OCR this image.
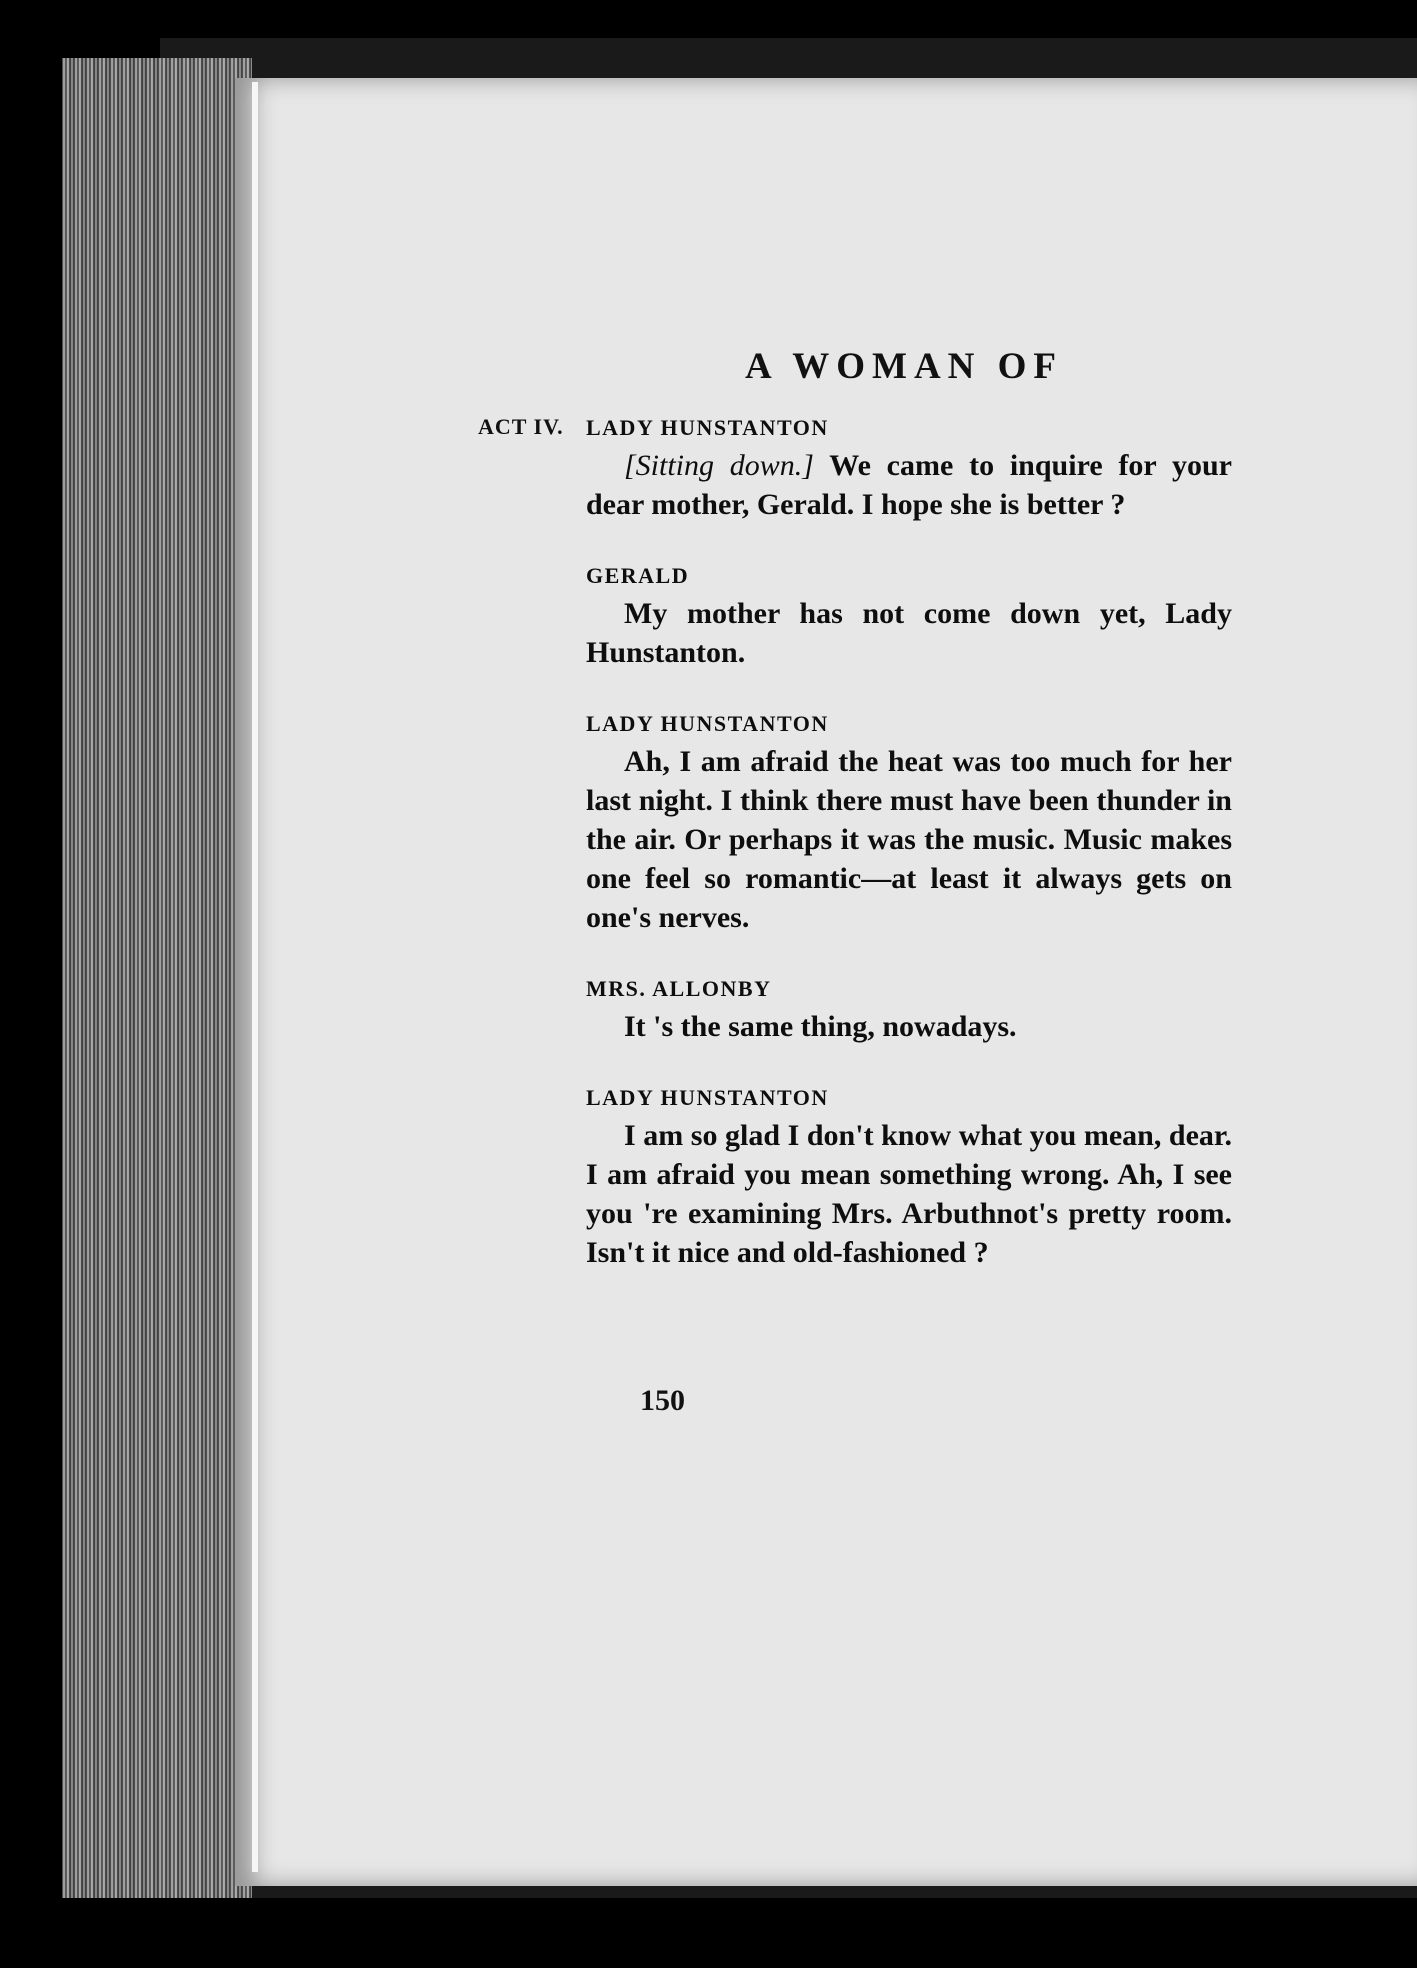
A WOMAN OF
ACT IV. LADY HUNSTANTON

[Sitting down.] We came to inquire for your dear mother, Gerald. I hope she is better ?

GERALD

My mother has not come down yet, Lady Hunstanton.

LADY HUNSTANTON

Ah, I am afraid the heat was too much for her last night. I think there must have been thunder in the air. Or perhaps it was the music. Music makes one feel so romantic—at least it always gets on one's nerves.

MRS. ALLONBY

It 's the same thing, nowadays.

LADY HUNSTANTON

I am so glad I don't know what you mean, dear. I am afraid you mean something wrong. Ah, I see you 're examining Mrs. Arbuthnot's pretty room. Isn't it nice and old-fashioned ?

150
